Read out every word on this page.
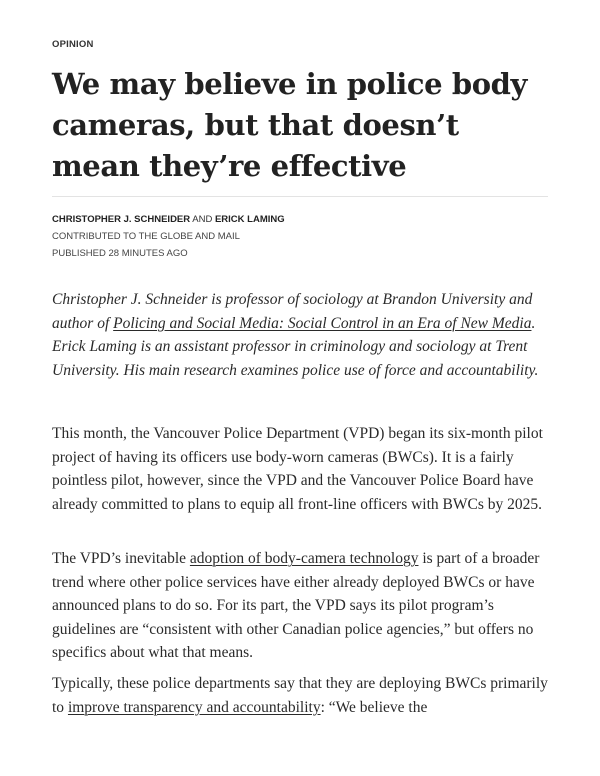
OPINION
We may believe in police body cameras, but that doesn’t mean they’re effective
CHRISTOPHER J. SCHNEIDER AND ERICK LAMING
CONTRIBUTED TO THE GLOBE AND MAIL
PUBLISHED 28 MINUTES AGO

Christopher J. Schneider is professor of sociology at Brandon University and author of Policing and Social Media: Social Control in an Era of New Media. Erick Laming is an assistant professor in criminology and sociology at Trent University. His main research examines police use of force and accountability.

This month, the Vancouver Police Department (VPD) began its six-month pilot project of having its officers use body-worn cameras (BWCs). It is a fairly pointless pilot, however, since the VPD and the Vancouver Police Board have already committed to plans to equip all front-line officers with BWCs by 2025.

The VPD’s inevitable adoption of body-camera technology is part of a broader trend where other police services have either already deployed BWCs or have announced plans to do so. For its part, the VPD says its pilot program’s guidelines are “consistent with other Canadian police agencies,” but offers no specifics about what that means.

Typically, these police departments say that they are deploying BWCs primarily to improve transparency and accountability: “We believe the
